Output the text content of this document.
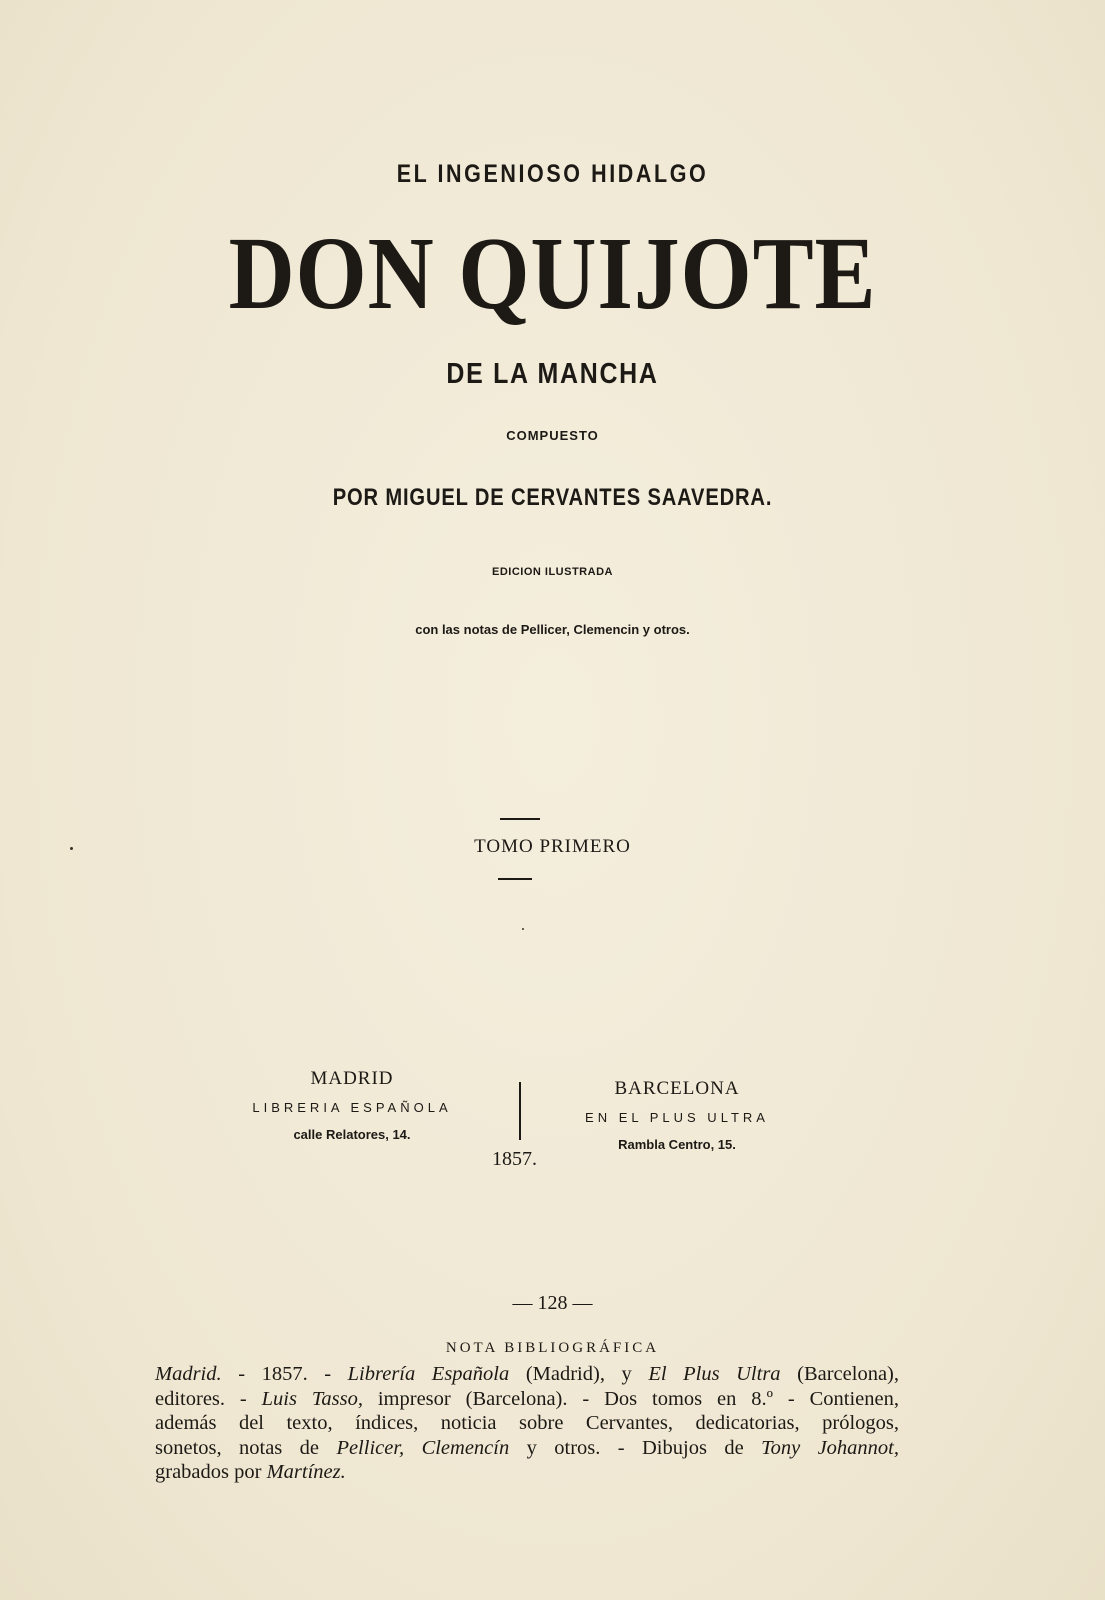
EL INGENIOSO HIDALGO
DON QUIJOTE
DE LA MANCHA
COMPUESTO
POR MIGUEL DE CERVANTES SAAVEDRA.
EDICION ILUSTRADA
con las notas de Pellicer, Clemencin y otros.
TOMO PRIMERO
MADRID
LIBRERIA ESPAÑOLA
calle Relatores, 14.
1857.
BARCELONA
EN EL PLUS ULTRA
Rambla Centro, 15.
— 128 —
NOTA BIBLIOGRÁFICA

Madrid. - 1857. - Librería Española (Madrid), y El Plus Ultra (Barcelona),

editores. - Luis Tasso, impresor (Barcelona). - Dos tomos en 8.º - Contienen,

además del texto, índices, noticia sobre Cervantes, dedicatorias, prólogos,

sonetos, notas de Pellicer, Clemencín y otros. - Dibujos de Tony Johannot,

grabados por Martínez.
